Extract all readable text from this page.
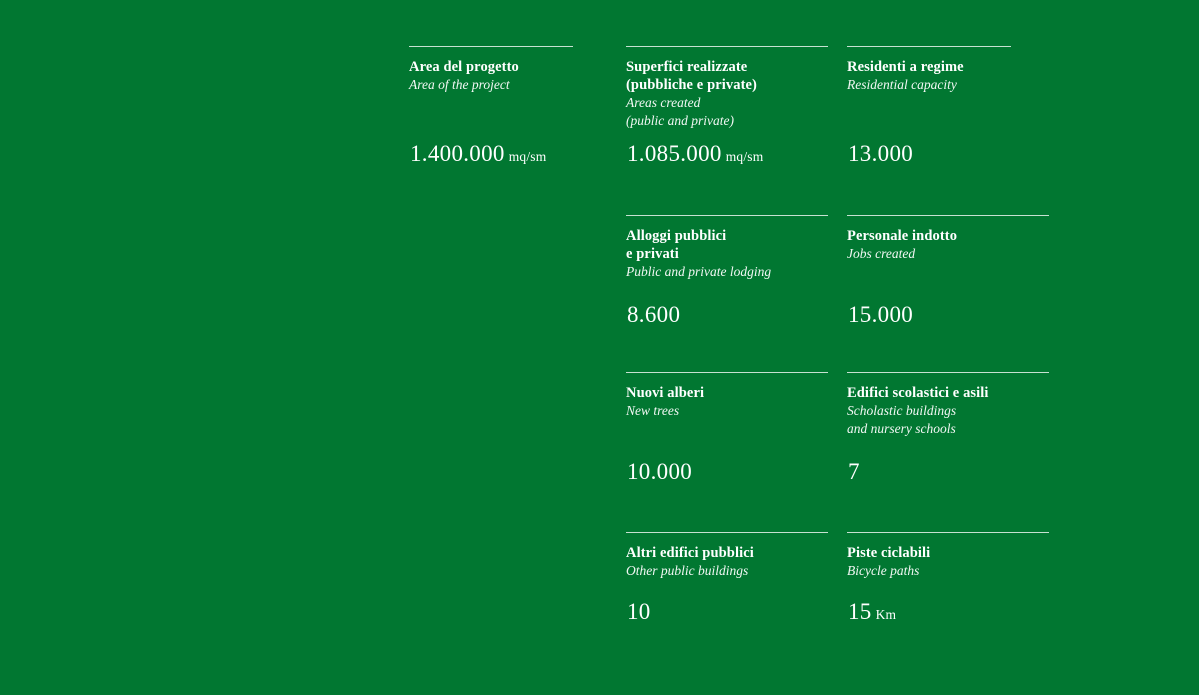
Area del progetto
Area of the project
1.400.000 mq/sm
Superfici realizzate
(pubbliche e private)
Areas created
(public and private)
1.085.000 mq/sm
Residenti a regime
Residential capacity
13.000
Alloggi pubblici
e privati
Public and private lodging
8.600
Personale indotto
Jobs created
15.000
Nuovi alberi
New trees
10.000
Edifici scolastici e asili
Scholastic buildings
and nursery schools
7
Altri edifici pubblici
Other public buildings
10
Piste ciclabili
Bicycle paths
15 Km
